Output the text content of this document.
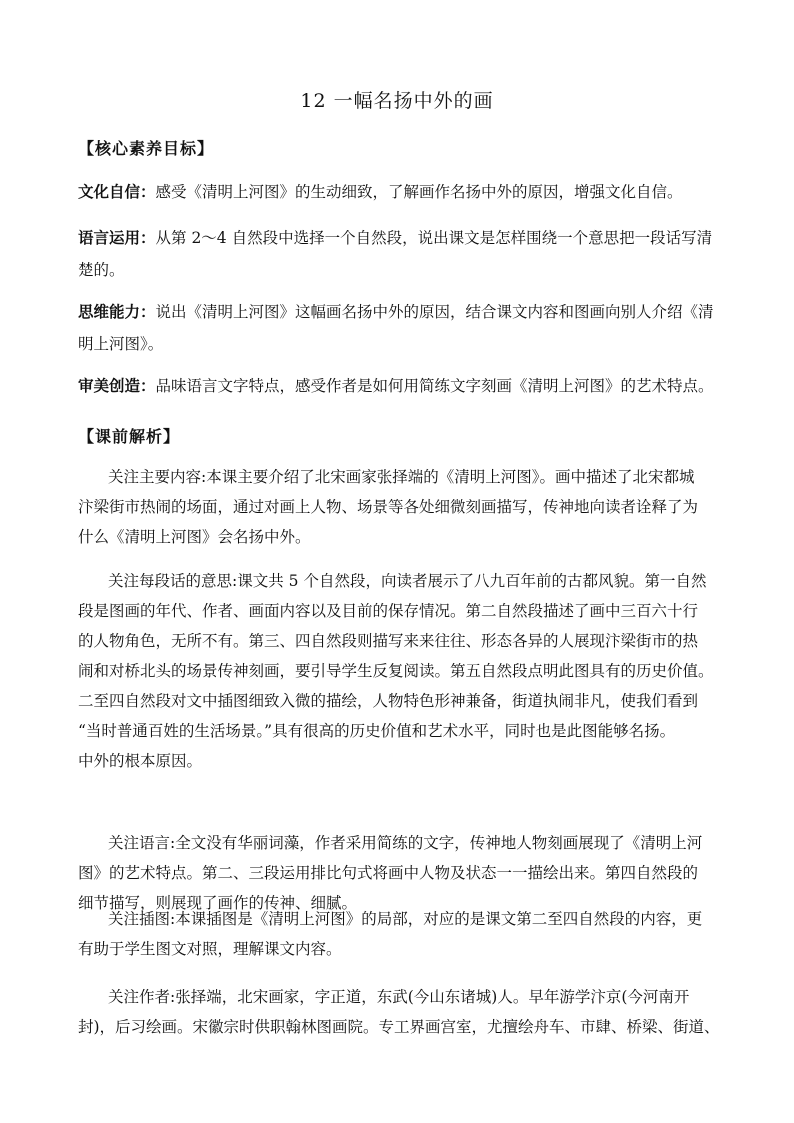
12 一幅名扬中外的画
【核心素养目标】
文化自信：感受《清明上河图》的生动细致，了解画作名扬中外的原因，增强文化自信。
语言运用：从第 2～4 自然段中选择一个自然段，说出课文是怎样围绕一个意思把一段话写清
楚的。
思维能力：说出《清明上河图》这幅画名扬中外的原因，结合课文内容和图画向别人介绍《清
明上河图》。
审美创造：品味语言文字特点，感受作者是如何用简练文字刻画《清明上河图》的艺术特点。
【课前解析】
关注主要内容:本课主要介绍了北宋画家张择端的《清明上河图》。画中描述了北宋都城
汴梁街市热闹的场面，通过对画上人物、场景等各处细微刻画描写，传神地向读者诠释了为
什么《清明上河图》会名扬中外。
关注每段话的意思:课文共 5 个自然段，向读者展示了八九百年前的古都风貌。第一自然
段是图画的年代、作者、画面内容以及目前的保存情况。第二自然段描述了画中三百六十行
的人物角色，无所不有。第三、四自然段则描写来来往往、形态各异的人展现汴梁街市的热
闹和对桥北头的场景传神刻画，要引导学生反复阅读。第五自然段点明此图具有的历史价值。
二至四自然段对文中插图细致入微的描绘，人物特色形神兼备，街道执闹非凡，使我们看到
“当时普通百姓的生活场景。”具有很高的历史价值和艺术水平，同时也是此图能够名扬。
中外的根本原因。
关注语言:全文没有华丽词藻，作者采用简练的文字，传神地人物刻画展现了《清明上河
图》的艺术特点。第二、三段运用排比句式将画中人物及状态一一描绘出来。第四自然段的
细节描写，则展现了画作的传神、细腻。
关注插图:本课插图是《清明上河图》的局部，对应的是课文第二至四自然段的内容，更
有助于学生图文对照，理解课文内容。
关注作者:张择端，北宋画家，字正道，东武(今山东诸城)人。早年游学汴京(今河南开
封)，后习绘画。宋徽宗时供职翰林图画院。专工界画宫室，尤擅绘舟车、市肆、桥梁、街道、
